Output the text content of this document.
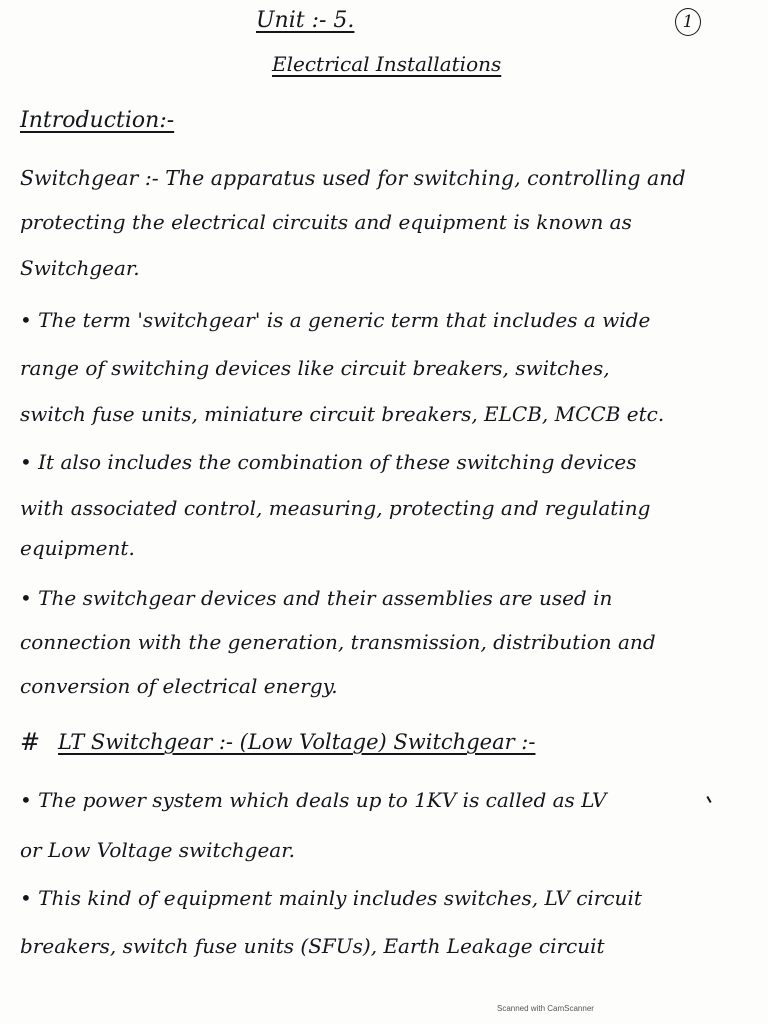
Unit :- 5.	1
Electrical Installations
Introduction:-
Switchgear :- The apparatus used for switching, controlling and
protecting the electrical circuits and equipment is known as
Switchgear.
• The term 'switchgear' is a generic term that includes a wide
range of switching devices like circuit breakers, switches,
switch fuse units, miniature circuit breakers, ELCB, MCCB etc.
• It also includes the combination of these switching devices
with associated control, measuring, protecting and regulating
equipment.
• The switchgear devices and their assemblies are used in
connection with the generation, transmission, distribution and
conversion of electrical energy.
# LT Switchgear :- (Low Voltage) Switchgear :-
• The power system which deals up to 1KV is called as LV
or Low Voltage switchgear.
• This kind of equipment mainly includes switches, LV circuit
breakers, switch fuse units (SFUs), Earth Leakage circuit
Scanned with CamScanner
